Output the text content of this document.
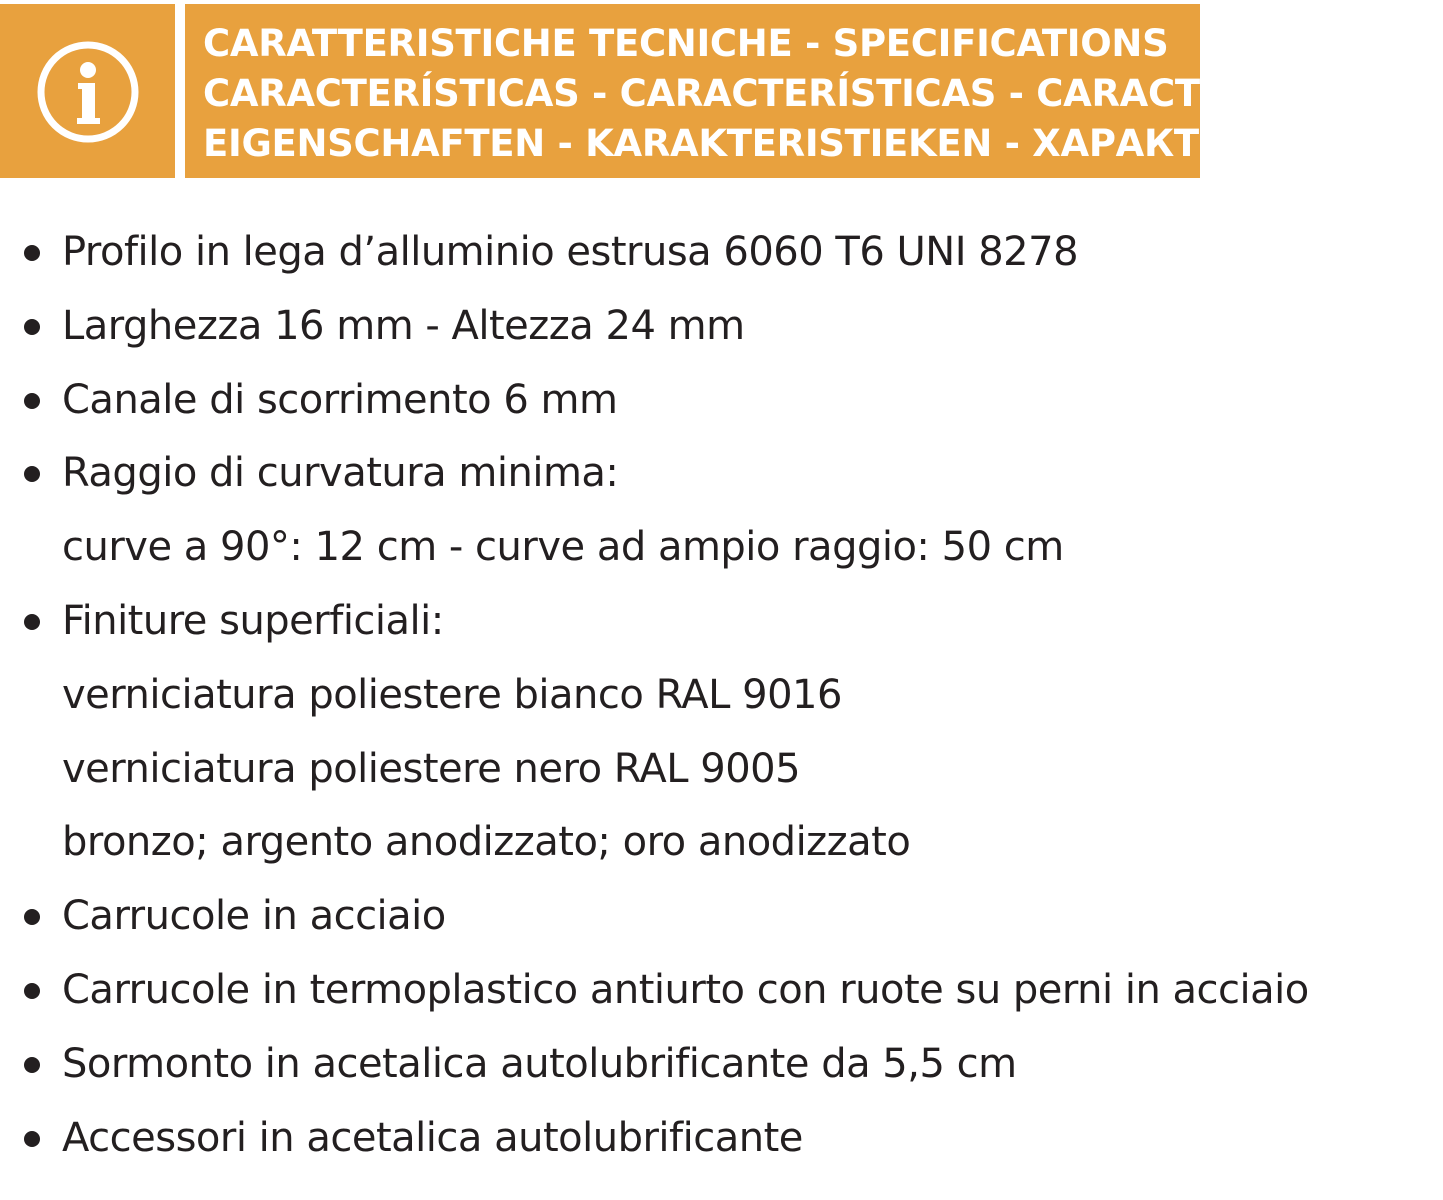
CARATTERISTICHE TECNICHE - SPECIFICATIONS
CARACTERÍSTICAS - CARACTERÍSTICAS - CARACTÉRISTIQUES
EIGENSCHAFTEN - KARAKTERISTIEKEN - ХАРАКТЕРИСТИКИ
Profilo in lega d’alluminio estrusa 6060 T6 UNI 8278
Larghezza 16 mm - Altezza 24 mm
Canale di scorrimento 6 mm
Raggio di curvatura minima:
curve a 90°: 12 cm - curve ad ampio raggio: 50 cm
Finiture superficiali:
verniciatura poliestere bianco RAL 9016
verniciatura poliestere nero RAL 9005
bronzo; argento anodizzato; oro anodizzato
Carrucole in acciaio
Carrucole in termoplastico antiurto con ruote su perni in acciaio
Sormonto in acetalica autolubrificante da 5,5 cm
Accessori in acetalica autolubrificante
